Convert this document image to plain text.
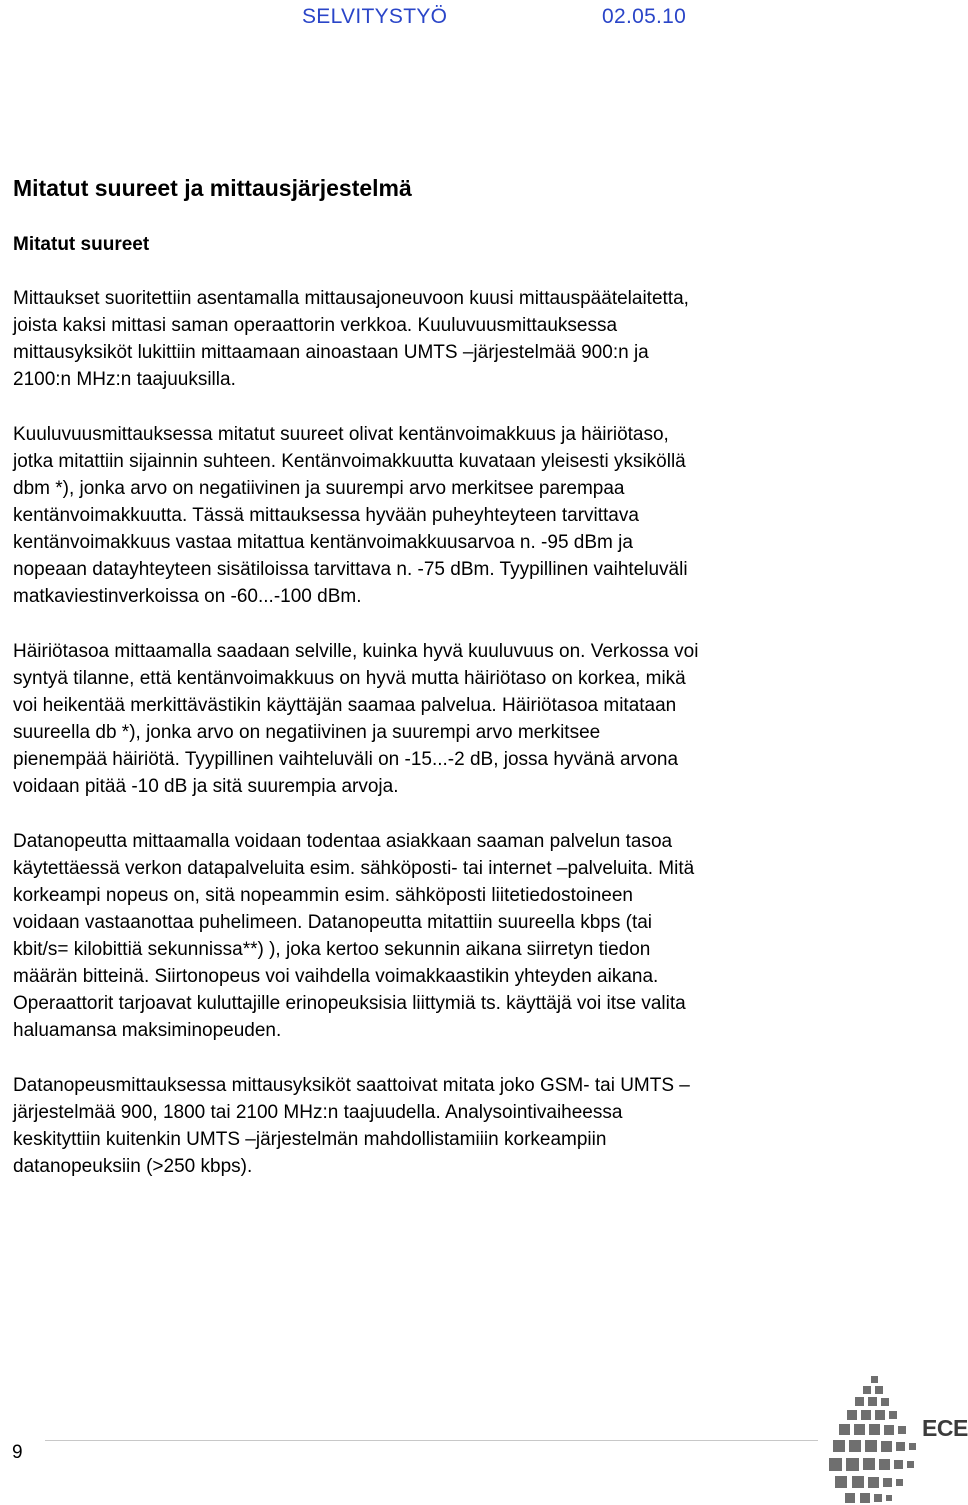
SELVITYSTYÖ	02.05.10
Mitatut suureet ja mittausjärjestelmä
Mitatut suureet

Mittaukset suoritettiin asentamalla mittausajoneuvoon kuusi mittauspäätelaitetta,
joista kaksi mittasi saman operaattorin verkkoa. Kuuluvuusmittauksessa
mittausyksiköt lukittiin mittaamaan ainoastaan UMTS –järjestelmää 900:n ja
2100:n MHz:n taajuuksilla.

Kuuluvuusmittauksessa mitatut suureet olivat kentänvoimakkuus ja häiriötaso,
jotka mitattiin sijainnin suhteen. Kentänvoimakkuutta kuvataan yleisesti yksiköllä
dbm *), jonka arvo on negatiivinen ja suurempi arvo merkitsee parempaa
kentänvoimakkuutta. Tässä mittauksessa hyvään puheyhteyteen tarvittava
kentänvoimakkuus vastaa mitattua kentänvoimakkuusarvoa n. -95 dBm ja
nopeaan datayhteyteen sisätiloissa tarvittava n. -75 dBm. Tyypillinen vaihteluväli
matkaviestinverkoissa on -60...-100 dBm.

Häiriötasoa mittaamalla saadaan selville, kuinka hyvä kuuluvuus on. Verkossa voi
syntyä tilanne, että kentänvoimakkuus on hyvä mutta häiriötaso on korkea, mikä
voi heikentää merkittävästikin käyttäjän saamaa palvelua. Häiriötasoa mitataan
suureella db *), jonka arvo on negatiivinen ja suurempi arvo merkitsee
pienempää häiriötä. Tyypillinen vaihteluväli on -15...-2 dB, jossa hyvänä arvona
voidaan pitää -10 dB ja sitä suurempia arvoja.

Datanopeutta mittaamalla voidaan todentaa asiakkaan saaman palvelun tasoa
käytettäessä verkon datapalveluita esim. sähköposti- tai internet –palveluita. Mitä
korkeampi nopeus on, sitä nopeammin esim. sähköposti liitetiedostoineen
voidaan vastaanottaa puhelimeen. Datanopeutta mitattiin suureella kbps (tai
kbit/s= kilobittiä sekunnissa**) ), joka kertoo sekunnin aikana siirretyn tiedon
määrän bitteinä. Siirtonopeus voi vaihdella voimakkaastikin yhteyden aikana.
Operaattorit tarjoavat kuluttajille erinopeuksisia liittymiä ts. käyttäjä voi itse valita
haluamansa maksiminopeuden.

Datanopeusmittauksessa mittausyksiköt saattoivat mitata joko GSM- tai UMTS –
järjestelmää 900, 1800 tai 2100 MHz:n taajuudella. Analysointivaiheessa
keskityttiin kuitenkin UMTS –järjestelmän mahdollistamiiin korkeampiin
datanopeuksiin (>250 kbps).

9
ECE
